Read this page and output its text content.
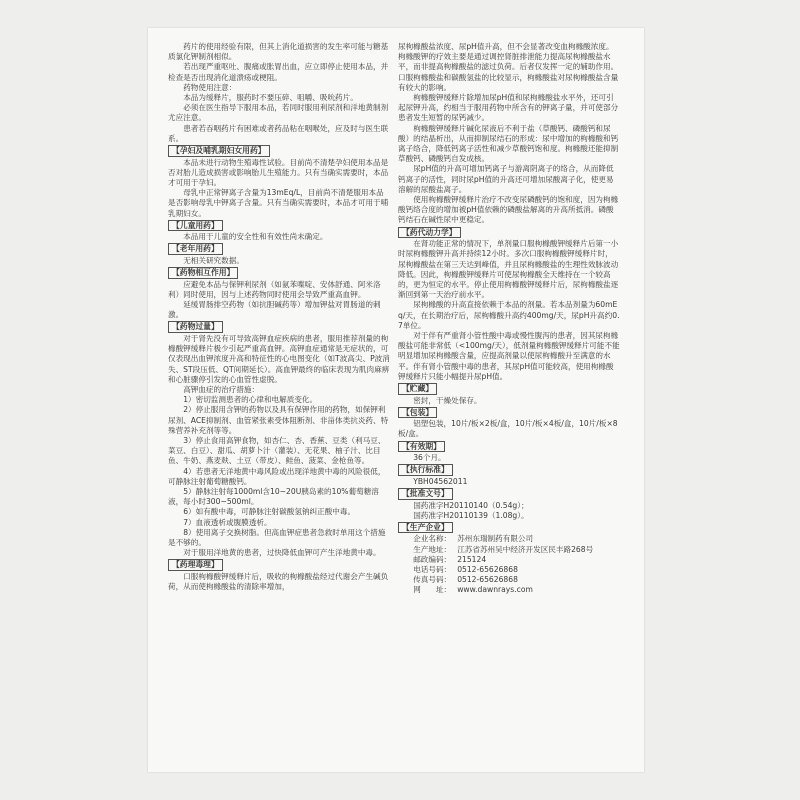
药片的使用经验有限，但其上消化道损害的发生率可能与糖基质氯化钾制剂相似。

若出现严重呕吐、腹痛或胀胃出血，应立即停止使用本品，并检查是否出现消化道溃疡或梗阻。

药物使用注意：

本品为缓释片，服药时不要压碎、咀嚼、吸吮药片。

必须在医生指导下服用本品，若同时服用利尿剂和洋地黄制剂尤应注意。

患者若吞咽药片有困难或者药品粘在咽喉处，应及时与医生联系。

【孕妇及哺乳期妇女用药】

本品未进行动物生殖毒性试验。目前尚不清楚孕妇使用本品是否对胎儿造成损害或影响胎儿生殖能力。只有当确实需要时，本品才可用于孕妇。

母乳中正常钾离子含量为13mEq/L，目前尚不清楚服用本品是否影响母乳中钾离子含量。只有当确实需要时，本品才可用于哺乳期妇女。

【儿童用药】

本品用于儿童的安全性和有效性尚未确定。

【老年用药】

无相关研究数据。

【药物相互作用】

应避免本品与保钾利尿剂（如氨苯喋啶、安体舒通、阿米洛利）同时使用，因与上述药物同时使用会导致严重高血钾。

延缓胃肠排空药物（如抗胆碱药等）增加钾盐对胃肠道的刺激。

【药物过量】

对于肾先没有可导致高钾血症疾病的患者，服用推荐剂量的枸橼酸钾缓释片极少引起严重高血钾。高钾血症通常是无症状的，可仅表现出血钾浓度升高和特征性的心电图变化（如T波高尖、P波消失、ST段压低、QT间期延长）。高血钾最终的临床表现为肌肉麻痹和心脏骤停引发的心血管性虚脱。

高钾血症的治疗措施：

1）密切监测患者的心律和电解质变化。

2）停止服用含钾的药物以及具有保钾作用的药物，如保钾利尿剂、ACE抑制剂、血管紧张素受体阻断剂、非甾体类抗炎药、特殊营养补充剂等等。

3）停止食用高钾食物，如杏仁、杏、香蕉、豆类（利马豆、菜豆、白豆）、甜瓜、胡萝卜汁（灌装）、无花果、柚子汁、比目鱼、牛奶、燕麦麸、土豆（带皮）、鲑鱼、菠菜、金枪鱼等。

4）若患者无洋地黄中毒风险或出现洋地黄中毒的风险很低，可静脉注射葡萄糖酸钙。

5）静脉注射每1000ml含10~20U胰岛素的10%葡萄糖溶液，每小时300~500ml。

6）如有酸中毒，可静脉注射碳酸氢钠纠正酸中毒。

7）血液透析或腹膜透析。

8）使用离子交换树脂。但高血钾症患者急救时单用这个措施是不够的。

对于服用洋地黄的患者，过快降低血钾可产生洋地黄中毒。

【药理毒理】

口服枸橼酸钾缓释片后，吸收的枸橼酸盐经过代谢会产生碱负荷，从而使枸橼酸盐的清除率增加，

尿枸橼酸盐浓度、尿pH值升高，但不会显著改变血枸橼酸浓度。枸橼酸钾的疗效主要是通过调控肾脏排泄能力提高尿枸橼酸盐水平，而非提高枸橼酸盐的滤过负荷。后者仅发挥一定的辅助作用。口服枸橼酸盐和碳酸氢盐的比较显示，枸橼酸盐对尿枸橼酸盐含量有较大的影响。

枸橼酸钾缓释片除增加尿pH值和尿枸橼酸盐水平外，还可引起尿钾升高，约相当于服用药物中所含有的钾离子量，并可使部分患者发生短暂的尿钙减少。

枸橼酸钾缓释片碱化尿液后不利于盐（草酸钙、磷酸钙和尿酸）的结晶析出，从而抑制尿结石的形成：尿中增加的枸橼酸和钙离子络合，降低钙离子活性和减少草酸钙饱和度。枸橼酸还能抑制草酸钙、磷酸钙自发成核。

尿pH值的升高可增加钙离子与游离阴离子的络合，从而降低钙离子的活性，同时尿pH值的升高还可增加尿酸离子化，使更易溶解的尿酸盐离子。

使用枸橼酸钾缓释片治疗不改变尿磷酸钙的饱和度，因为枸橼酸钙络合度的增加被pH值依赖的磷酸盐解离的升高所抵消。磷酸钙结石在碱性尿中更稳定。

【药代动力学】

在肾功能正常的情况下，单剂量口服枸橼酸钾缓释片后第一小时尿枸橼酸钾升高并持续12小时。多次口服枸橼酸钾缓释片时，尿枸橼酸盐在第三天达到峰值，并且尿枸橼酸盐的生理性效脉波动降低。因此，枸橼酸钾缓释片可使尿枸橼酸全天维持在一个较高的，更为恒定的水平。停止使用枸橼酸钾缓释片后，尿枸橼酸盐逐渐回到第一天治疗前水平。

尿枸橼酸的升高直接依赖于本品的剂量。若本品剂量为60mEq/天，在长期治疗后，尿枸橼酸升高约400mg/天，尿pH升高约0.7单位。

对于伴有严重肾小管性酸中毒或慢性腹泻的患者，因其尿枸橼酸盐可能非常低（<100mg/天），低剂量枸橼酸钾缓释片可能不能明显增加尿枸橼酸含量，应提高剂量以使尿枸橼酸升至满意的水平。伴有肾小管酸中毒的患者，其尿pH值可能较高，使用枸橼酸钾缓释片只能小幅提升尿pH值。

【贮藏】

密封，干燥处保存。

【包装】

铝塑包装，10片/板×2板/盒，10片/板×4板/盒，10片/板×8板/盒。

【有效期】

36个月。

【执行标准】

YBH04562011

【批准文号】

国药准字H20110140（0.54g）；

国药准字H20110139（1.08g）。

【生产企业】
企业名称： 苏州东瑞制药有限公司
生产地址： 江苏省苏州吴中经济开发区民丰路268号
邮政编码： 215124
电话号码： 0512-65626868
传真号码： 0512-65626868
网　　址： www.dawnrays.com
